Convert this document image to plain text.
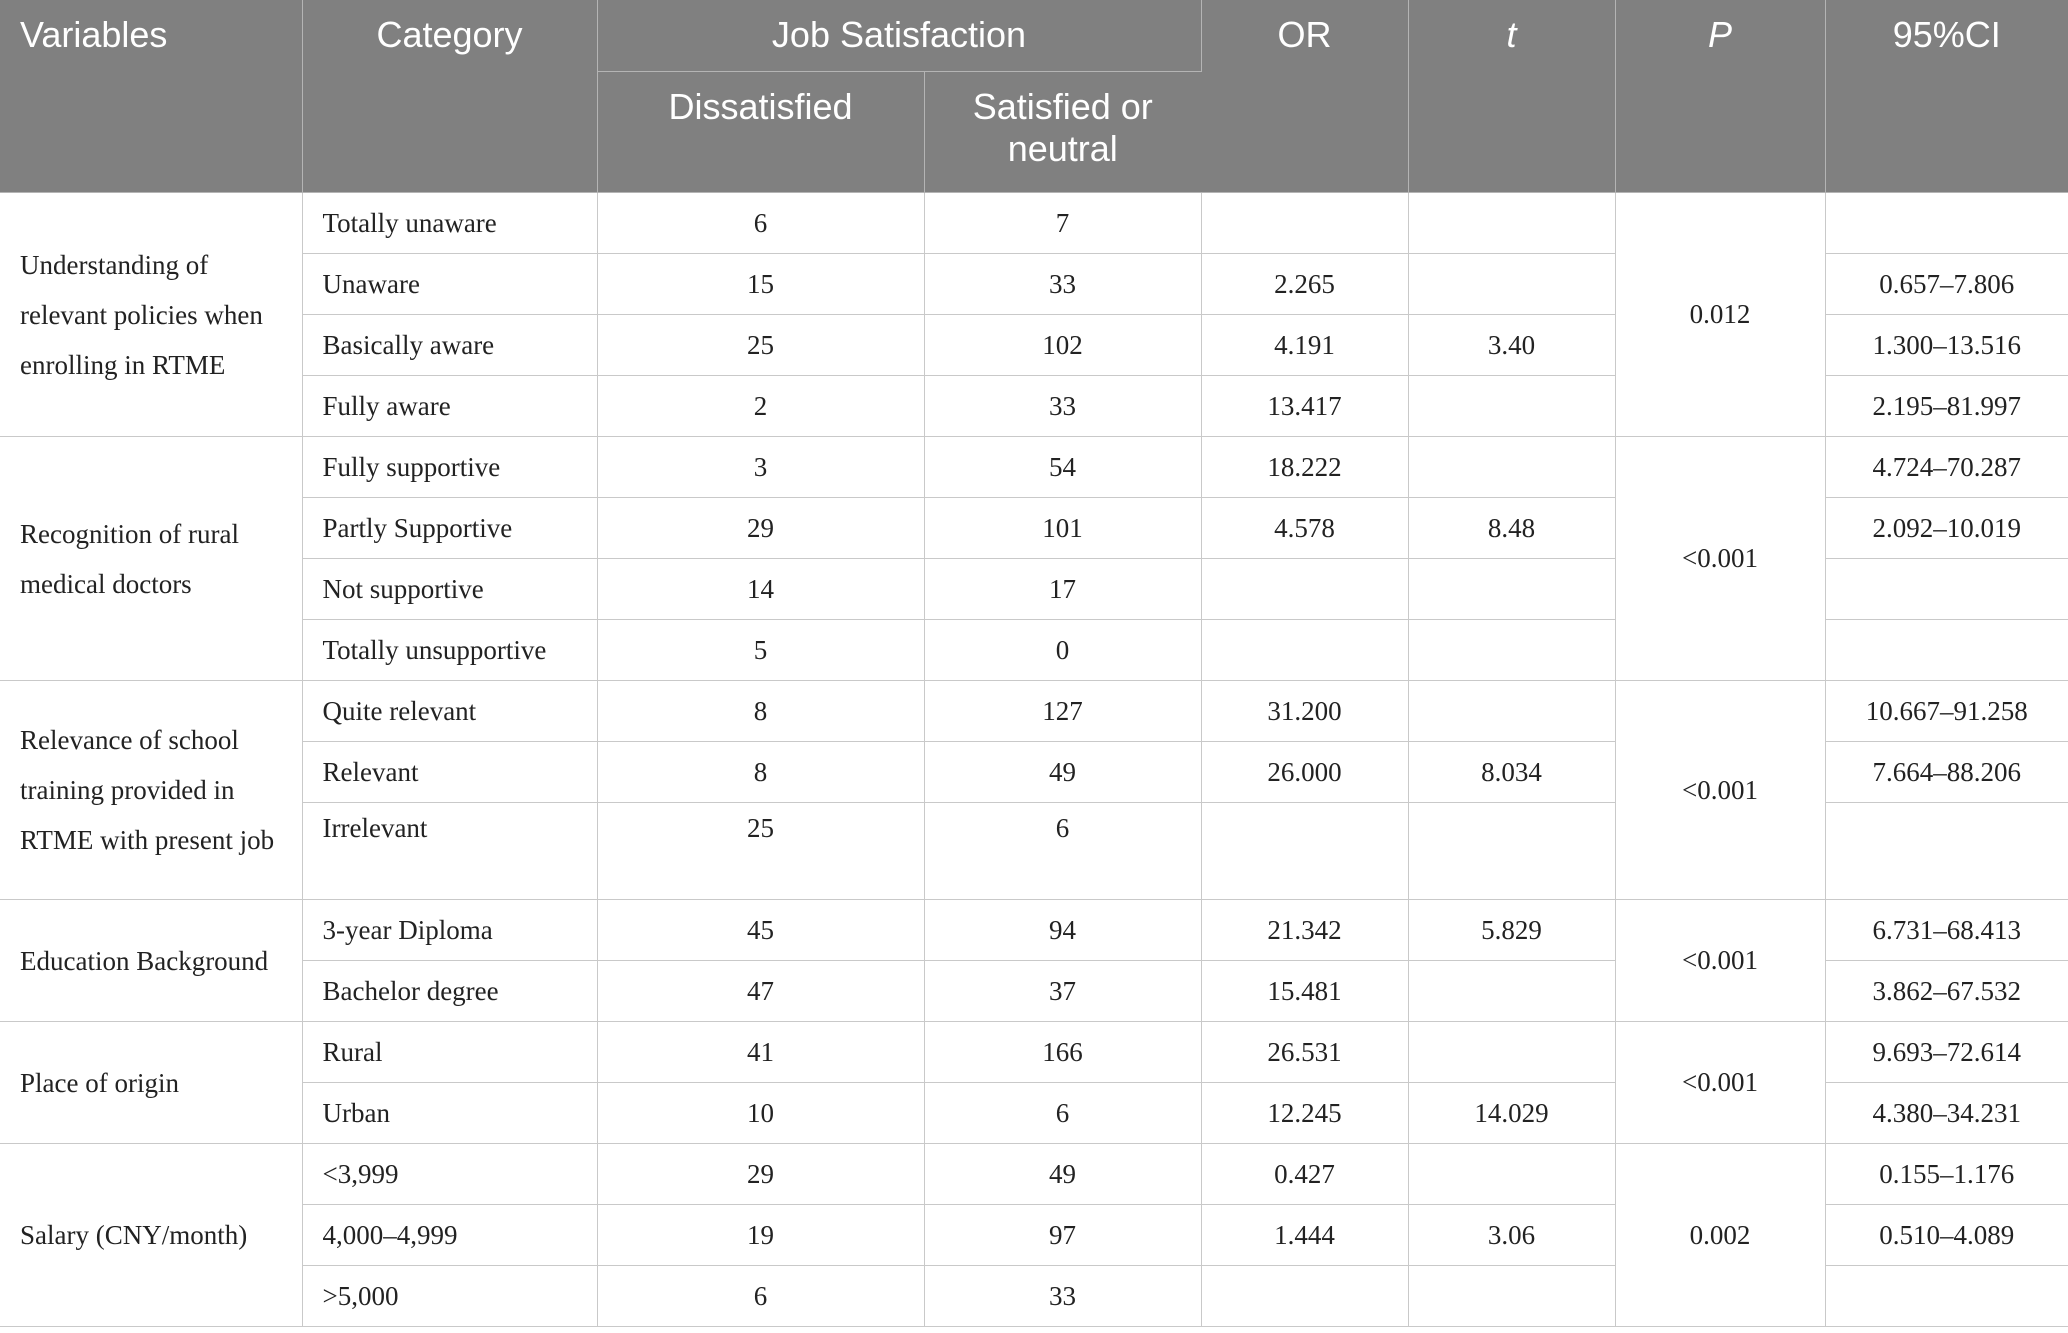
Variables	Category	Job Satisfaction		OR	t	P	95%CI
		Dissatisfied	Satisfied or neutral				
Understanding of relevant policies when enrolling in RTME	Totally unaware	6	7			0.012	
	Unaware	15	33	2.265			0.657–7.806
	Basically aware	25	102	4.191	3.40		1.300–13.516
	Fully aware	2	33	13.417			2.195–81.997
Recognition of rural medical doctors	Fully supportive	3	54	18.222		<0.001	4.724–70.287
	Partly Supportive	29	101	4.578	8.48		2.092–10.019
	Not supportive	14	17				
	Totally unsupportive	5	0				
Relevance of school training provided in RTME with present job	Quite relevant	8	127	31.200		<0.001	10.667–91.258
	Relevant	8	49	26.000	8.034		7.664–88.206
	Irrelevant	25	6				
Education Background	3-year Diploma	45	94	21.342	5.829	<0.001	6.731–68.413
	Bachelor degree	47	37	15.481			3.862–67.532
Place of origin	Rural	41	166	26.531		<0.001	9.693–72.614
	Urban	10	6	12.245	14.029		4.380–34.231
Salary (CNY/month)	<3,999	29	49	0.427		0.002	0.155–1.176
	4,000–4,999	19	97	1.444	3.06		0.510–4.089
	>5,000	6	33				
